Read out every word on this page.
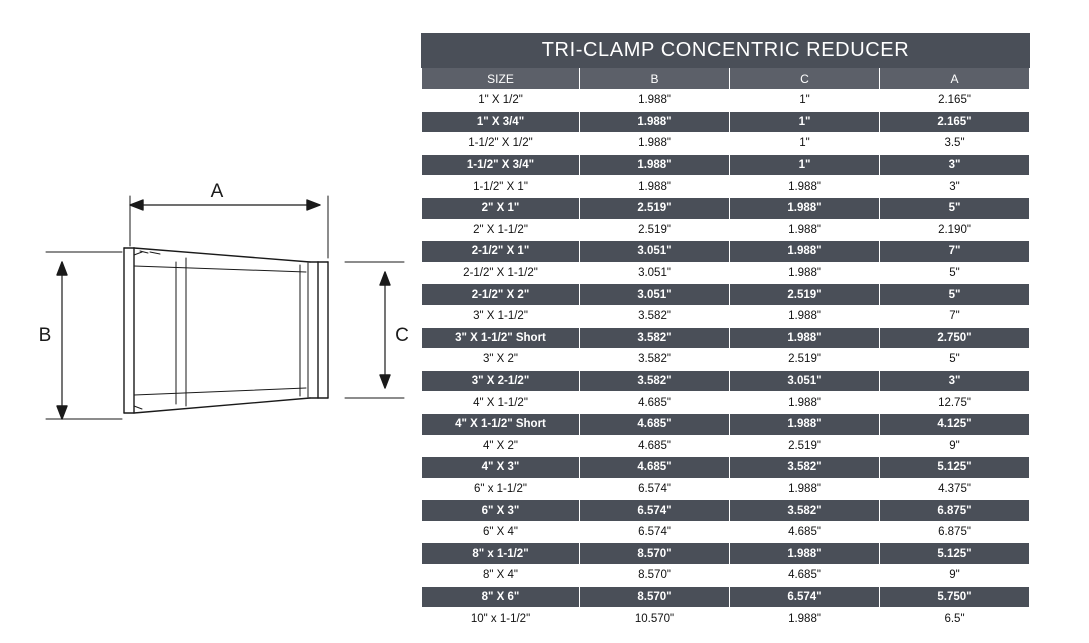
A
B	C
TRI-CLAMP CONCENTRIC REDUCER			
SIZE	B	C	A
1" X 1/2"	1.988"	1"	2.165"
1" X 3/4"	1.988"	1"	2.165"
1-1/2" X 1/2"	1.988"	1"	3.5"
1-1/2" X 3/4"	1.988"	1"	3"
1-1/2" X 1"	1.988"	1.988"	3"
2" X 1"	2.519"	1.988"	5"
2" X 1-1/2"	2.519"	1.988"	2.190"
2-1/2" X 1"	3.051"	1.988"	7"
2-1/2" X 1-1/2"	3.051"	1.988"	5"
2-1/2" X 2"	3.051"	2.519"	5"
3" X 1-1/2"	3.582"	1.988"	7"
3" X 1-1/2" Short	3.582"	1.988"	2.750"
3" X 2"	3.582"	2.519"	5"
3" X 2-1/2"	3.582"	3.051"	3"
4" X 1-1/2"	4.685"	1.988"	12.75"
4" X 1-1/2" Short	4.685"	1.988"	4.125"
4" X 2"	4.685"	2.519"	9"
4" X 3"	4.685"	3.582"	5.125"
6" x 1-1/2"	6.574"	1.988"	4.375"
6" X 3"	6.574"	3.582"	6.875"
6" X 4"	6.574"	4.685"	6.875"
8" x 1-1/2"	8.570"	1.988"	5.125"
8" X 4"	8.570"	4.685"	9"
8" X 6"	8.570"	6.574"	5.750"
10" x 1-1/2"	10.570"	1.988"	6.5"
